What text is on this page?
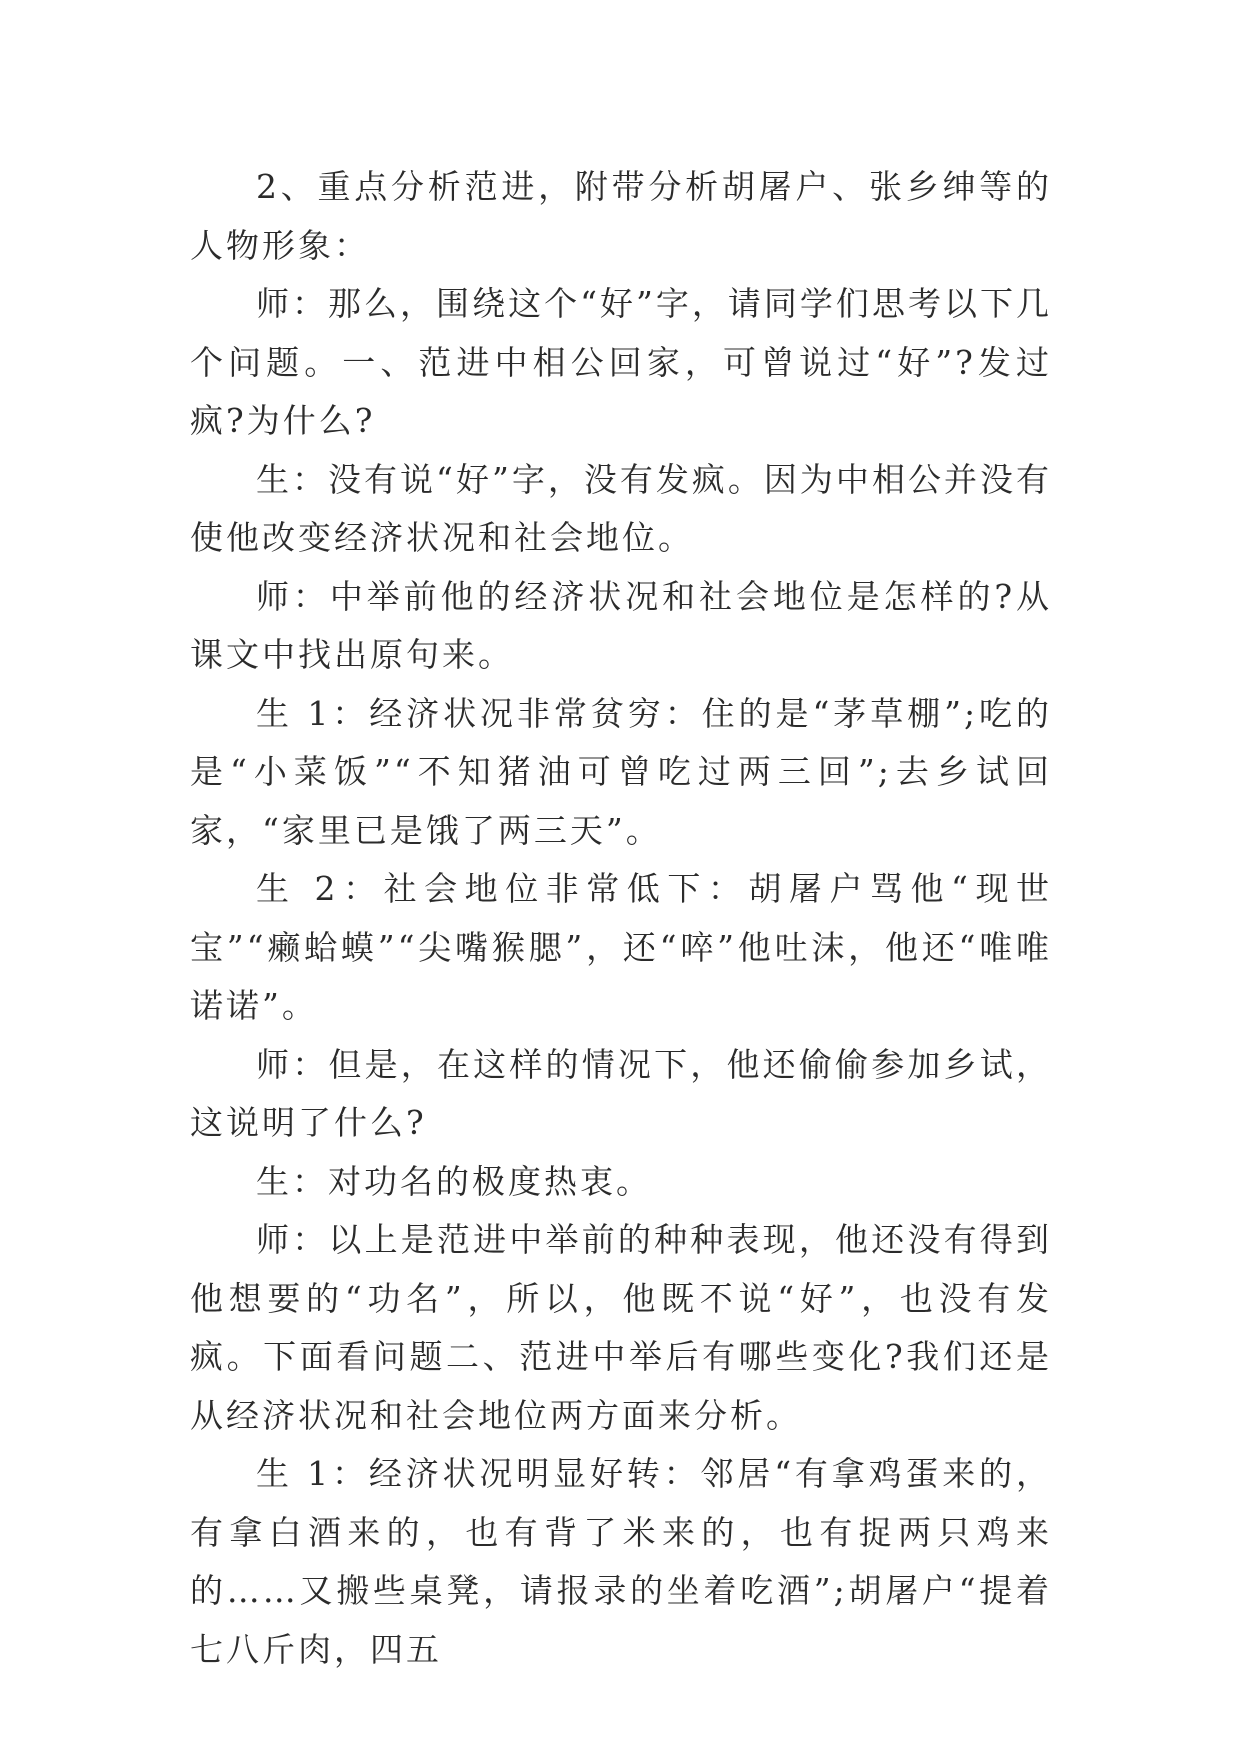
2、重点分析范进，附带分析胡屠户、张乡绅等的人物形象：

师：那么，围绕这个“好”字，请同学们思考以下几个问题。一、范进中相公回家，可曾说过“好”?发过疯?为什么?

生：没有说“好”字，没有发疯。因为中相公并没有使他改变经济状况和社会地位。

师：中举前他的经济状况和社会地位是怎样的?从课文中找出原句来。

生 1：经济状况非常贫穷：住的是“茅草棚”;吃的是“小菜饭”“不知猪油可曾吃过两三回”;去乡试回家，“家里已是饿了两三天”。

生 2：社会地位非常低下：胡屠户骂他“现世宝”“癞蛤蟆”“尖嘴猴腮”，还“啐”他吐沫，他还“唯唯诺诺”。

师：但是，在这样的情况下，他还偷偷参加乡试，这说明了什么?

生：对功名的极度热衷。

师：以上是范进中举前的种种表现，他还没有得到他想要的“功名”，所以，他既不说“好”，也没有发疯。下面看问题二、范进中举后有哪些变化?我们还是从经济状况和社会地位两方面来分析。

生 1：经济状况明显好转：邻居“有拿鸡蛋来的，有拿白酒来的，也有背了米来的，也有捉两只鸡来的……又搬些桌凳，请报录的坐着吃酒”;胡屠户“提着七八斤肉，四五
